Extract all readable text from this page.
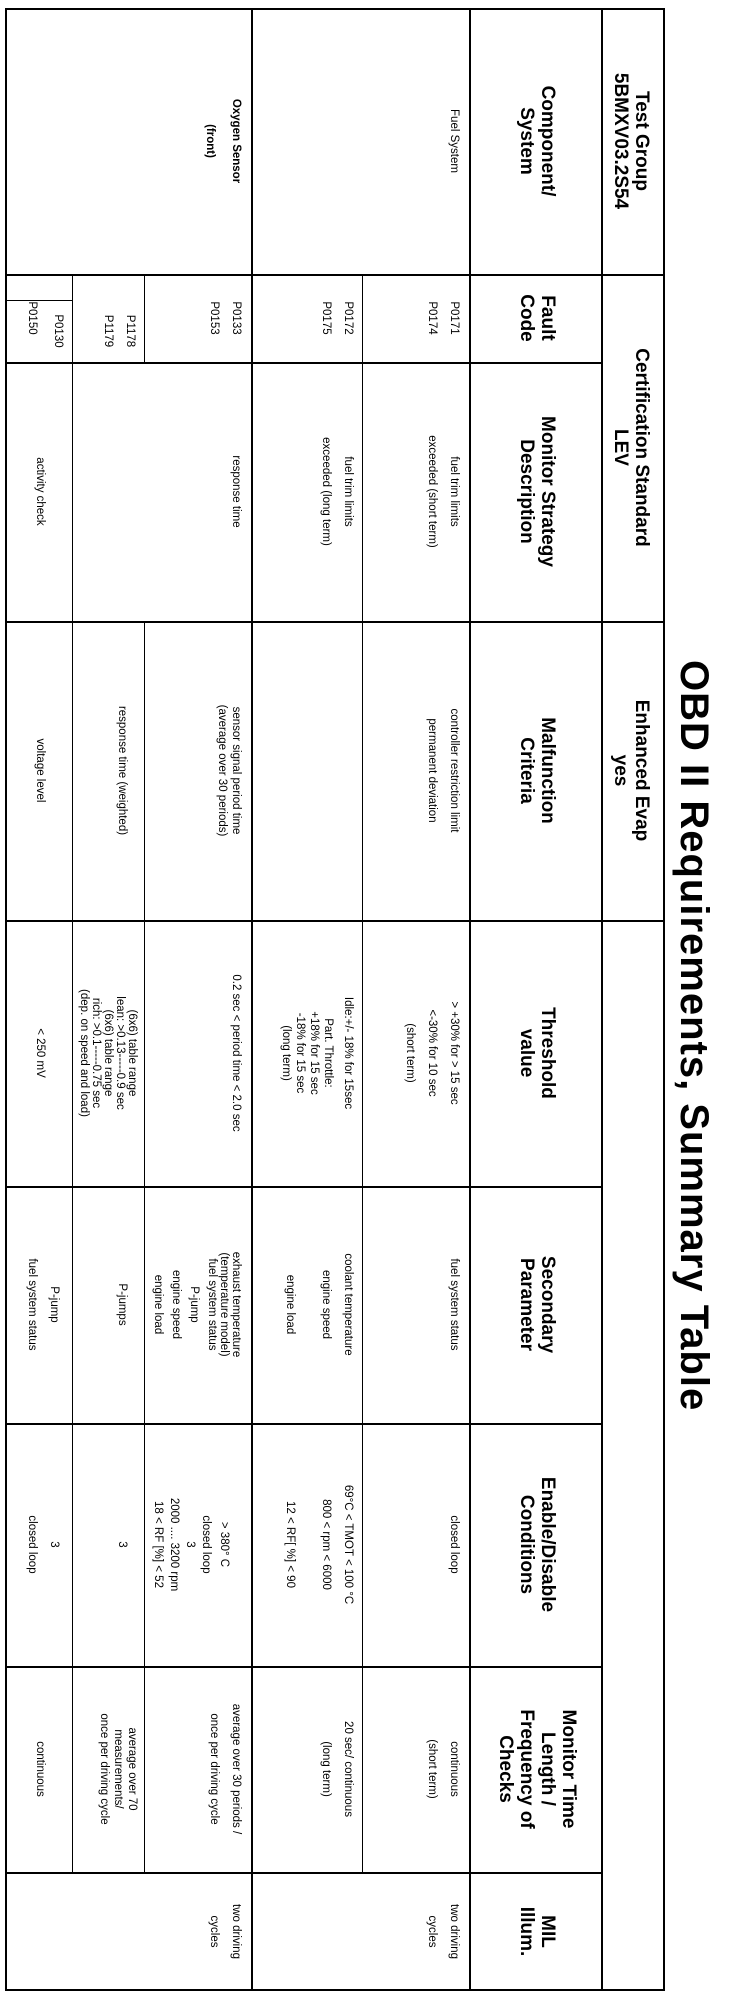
OBD II Requirements, Summary Table
Test Group
5BMXV03.2S54
Certification Standard
LEV
Enhanced Evap
yes
Component/
System
Fault
Code
Monitor Strategy
Description
Malfunction
Criteria
Threshold
value
Secondary
Parameter
Enable/Disable
Conditions
Monitor Time
Length /
Frequency of
Checks
MIL
Illum.
Fuel System
P0171
P0174
P0172
P0175
fuel trim limits
exceeded (short term)
fuel trim limits
exceeded (long term)
controller restriction limit
permanent deviation
> +30% for > 15 sec
<-30% for 10 sec
(short term)
Idle:+/- 18% for 15sec
Part. Throttle:
+18% for 15 sec
-18% for 15 sec
(long term)
fuel system status
coolant temperature
engine speed
engine load
closed loop
69°C < TMOT < 100 °C
800 < rpm < 6000
12 < RF[ %] < 90
continuous
(short term)
20 sec/ continuous
(long term)
two driving
cycles
Oxygen Sensor
(front)
P0133
P0153
P1178
P1179
P0130
P0150
response time
activity check
sensor signal period time
(average over 30 periods)
response time (weighted)
voltage level
0.2 sec < period time < 2.0 sec
(6x6) table range
lean: >0.13-----0.9 sec
(6x6) table range
rich: >0.1-----0.75 sec
(dep. on speed and load)
< 250 mV
exhaust temperature
(temperature model)
fuel system status
P-jump
engine speed
engine load
P-jumps
P-jump
fuel system status
> 380° C
closed loop
3
2000 .... 3200 rpm
18 < RF [%] < 52
3
3
closed loop
average over 30 periods /
once per driving cycle
average over 70
measurements/
once per driving cycle
continuous
two driving
cycles
